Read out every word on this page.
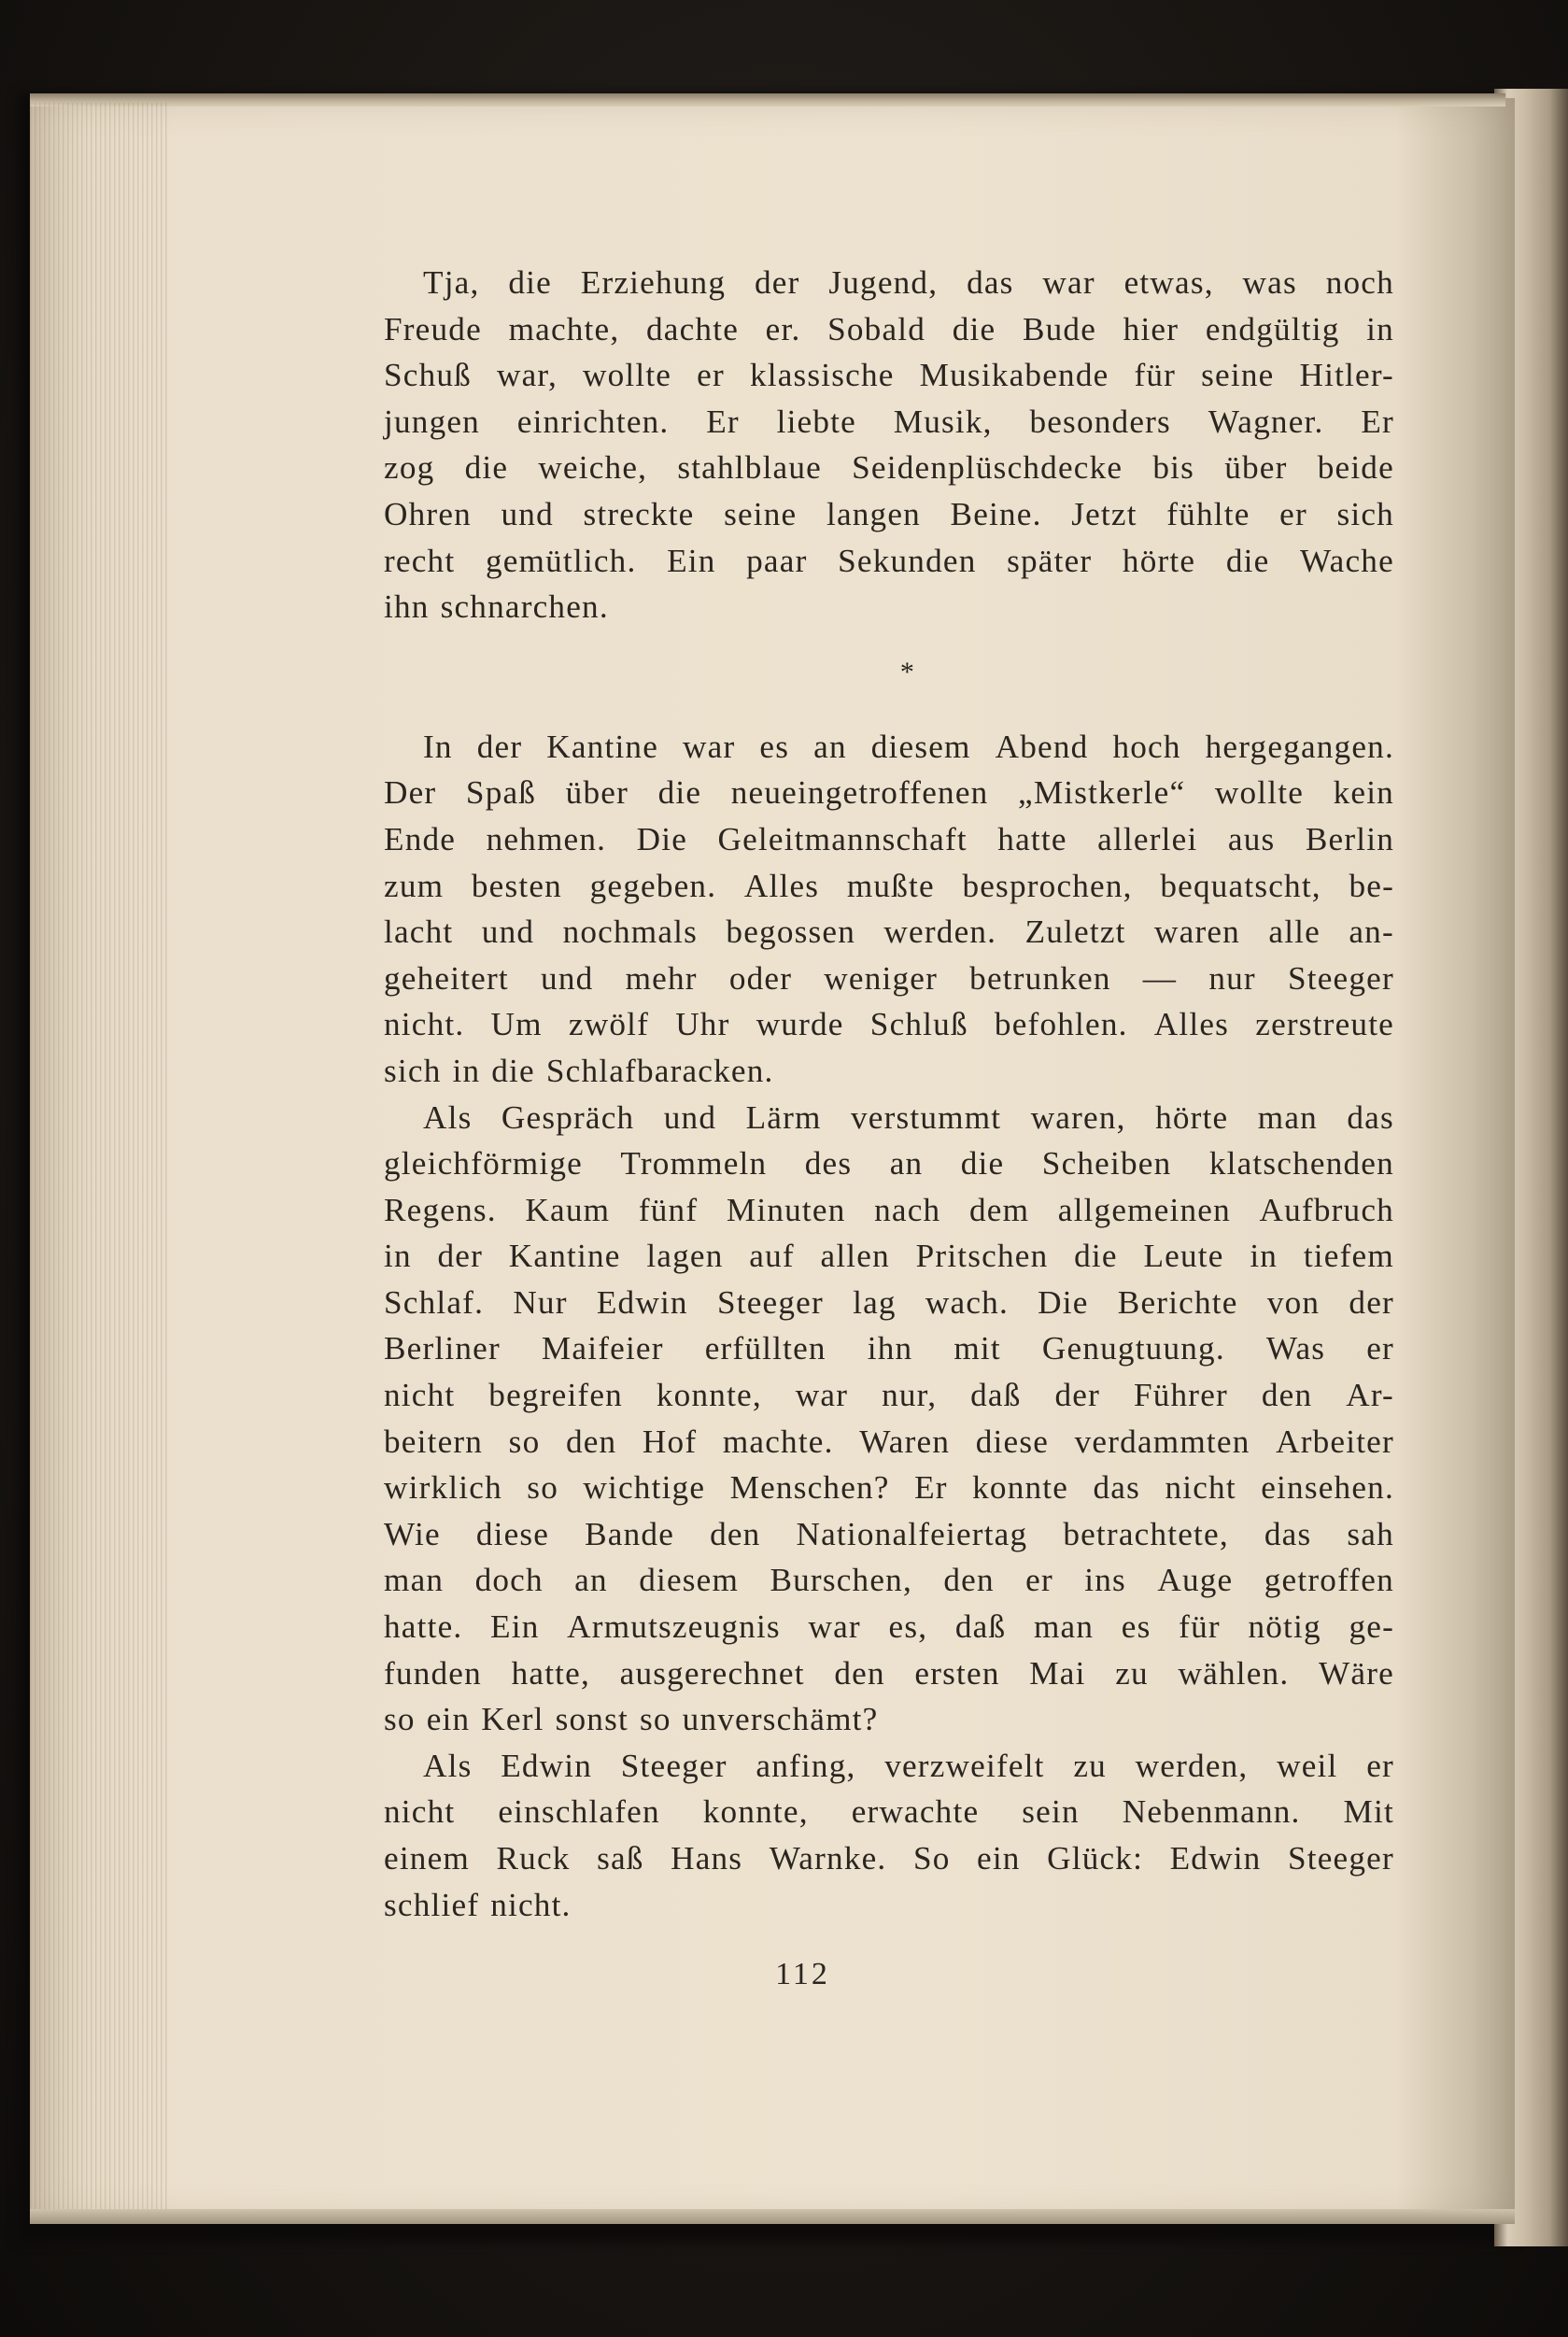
Tja, die Erziehung der Jugend, das war etwas, was noch
Freude machte, dachte er. Sobald die Bude hier endgültig in
Schuß war, wollte er klassische Musikabende für seine Hitler-
jungen einrichten. Er liebte Musik, besonders Wagner. Er
zog die weiche, stahlblaue Seidenplüschdecke bis über beide
Ohren und streckte seine langen Beine. Jetzt fühlte er sich
recht gemütlich. Ein paar Sekunden später hörte die Wache
ihn schnarchen.
*
In der Kantine war es an diesem Abend hoch hergegangen.
Der Spaß über die neueingetroffenen „Mistkerle“ wollte kein
Ende nehmen. Die Geleitmannschaft hatte allerlei aus Berlin
zum besten gegeben. Alles mußte besprochen, bequatscht, be-
lacht und nochmals begossen werden. Zuletzt waren alle an-
geheitert und mehr oder weniger betrunken — nur Steeger
nicht. Um zwölf Uhr wurde Schluß befohlen. Alles zerstreute
sich in die Schlafbaracken.
Als Gespräch und Lärm verstummt waren, hörte man das
gleichförmige Trommeln des an die Scheiben klatschenden
Regens. Kaum fünf Minuten nach dem allgemeinen Aufbruch
in der Kantine lagen auf allen Pritschen die Leute in tiefem
Schlaf. Nur Edwin Steeger lag wach. Die Berichte von der
Berliner Maifeier erfüllten ihn mit Genugtuung. Was er
nicht begreifen konnte, war nur, daß der Führer den Ar-
beitern so den Hof machte. Waren diese verdammten Arbeiter
wirklich so wichtige Menschen? Er konnte das nicht einsehen.
Wie diese Bande den Nationalfeiertag betrachtete, das sah
man doch an diesem Burschen, den er ins Auge getroffen
hatte. Ein Armutszeugnis war es, daß man es für nötig ge-
funden hatte, ausgerechnet den ersten Mai zu wählen. Wäre
so ein Kerl sonst so unverschämt?
Als Edwin Steeger anfing, verzweifelt zu werden, weil er
nicht einschlafen konnte, erwachte sein Nebenmann. Mit
einem Ruck saß Hans Warnke. So ein Glück: Edwin Steeger
schlief nicht.
112
